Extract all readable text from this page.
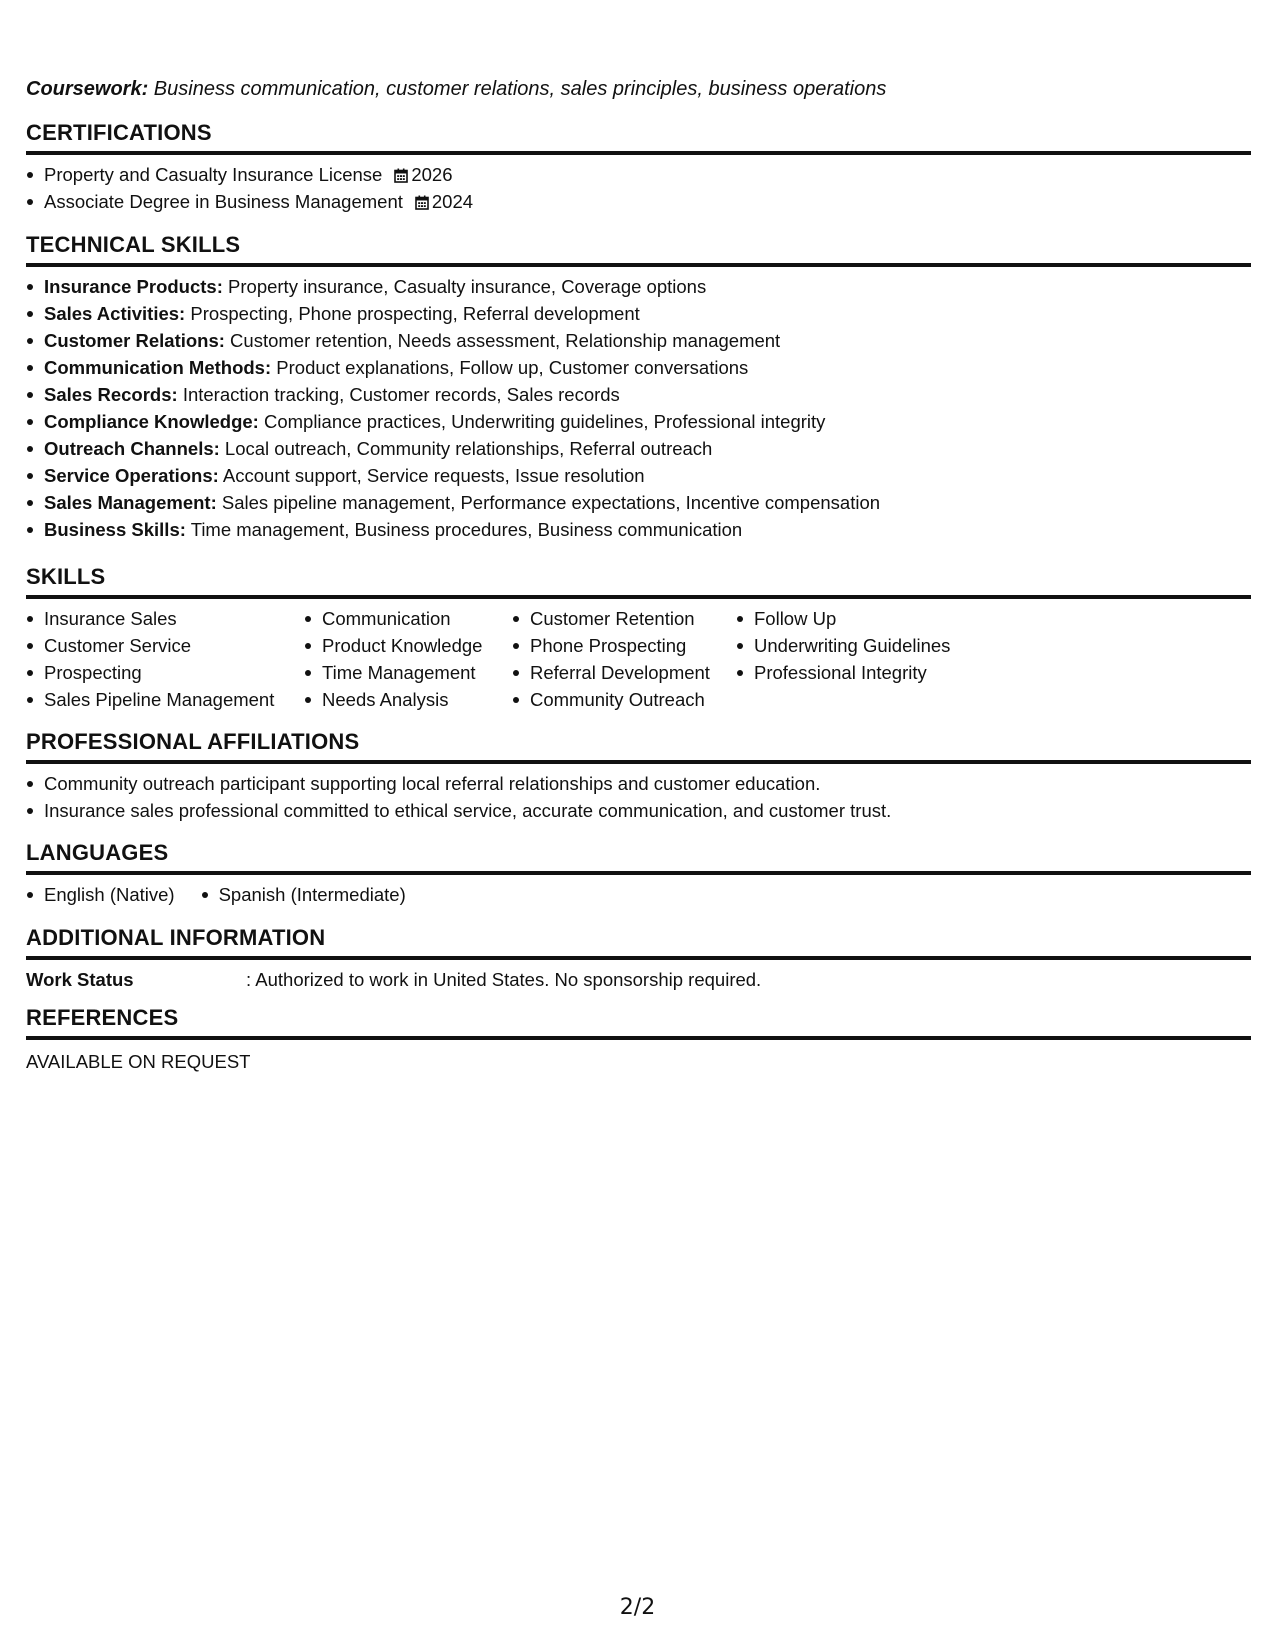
Coursework: Business communication, customer relations, sales principles, business operations
CERTIFICATIONS
Property and Casualty Insurance License 2026
Associate Degree in Business Management 2024
TECHNICAL SKILLS
Insurance Products: Property insurance, Casualty insurance, Coverage options
Sales Activities: Prospecting, Phone prospecting, Referral development
Customer Relations: Customer retention, Needs assessment, Relationship management
Communication Methods: Product explanations, Follow up, Customer conversations
Sales Records: Interaction tracking, Customer records, Sales records
Compliance Knowledge: Compliance practices, Underwriting guidelines, Professional integrity
Outreach Channels: Local outreach, Community relationships, Referral outreach
Service Operations: Account support, Service requests, Issue resolution
Sales Management: Sales pipeline management, Performance expectations, Incentive compensation
Business Skills: Time management, Business procedures, Business communication
SKILLS
Insurance Sales
Customer Service
Prospecting
Sales Pipeline Management
Communication
Product Knowledge
Time Management
Needs Analysis
Customer Retention
Phone Prospecting
Referral Development
Community Outreach
Follow Up
Underwriting Guidelines
Professional Integrity
PROFESSIONAL AFFILIATIONS
Community outreach participant supporting local referral relationships and customer education.
Insurance sales professional committed to ethical service, accurate communication, and customer trust.
LANGUAGES
English (Native)	Spanish (Intermediate)
ADDITIONAL INFORMATION
Work Status	: Authorized to work in United States. No sponsorship required.
REFERENCES
AVAILABLE ON REQUEST
2/2
